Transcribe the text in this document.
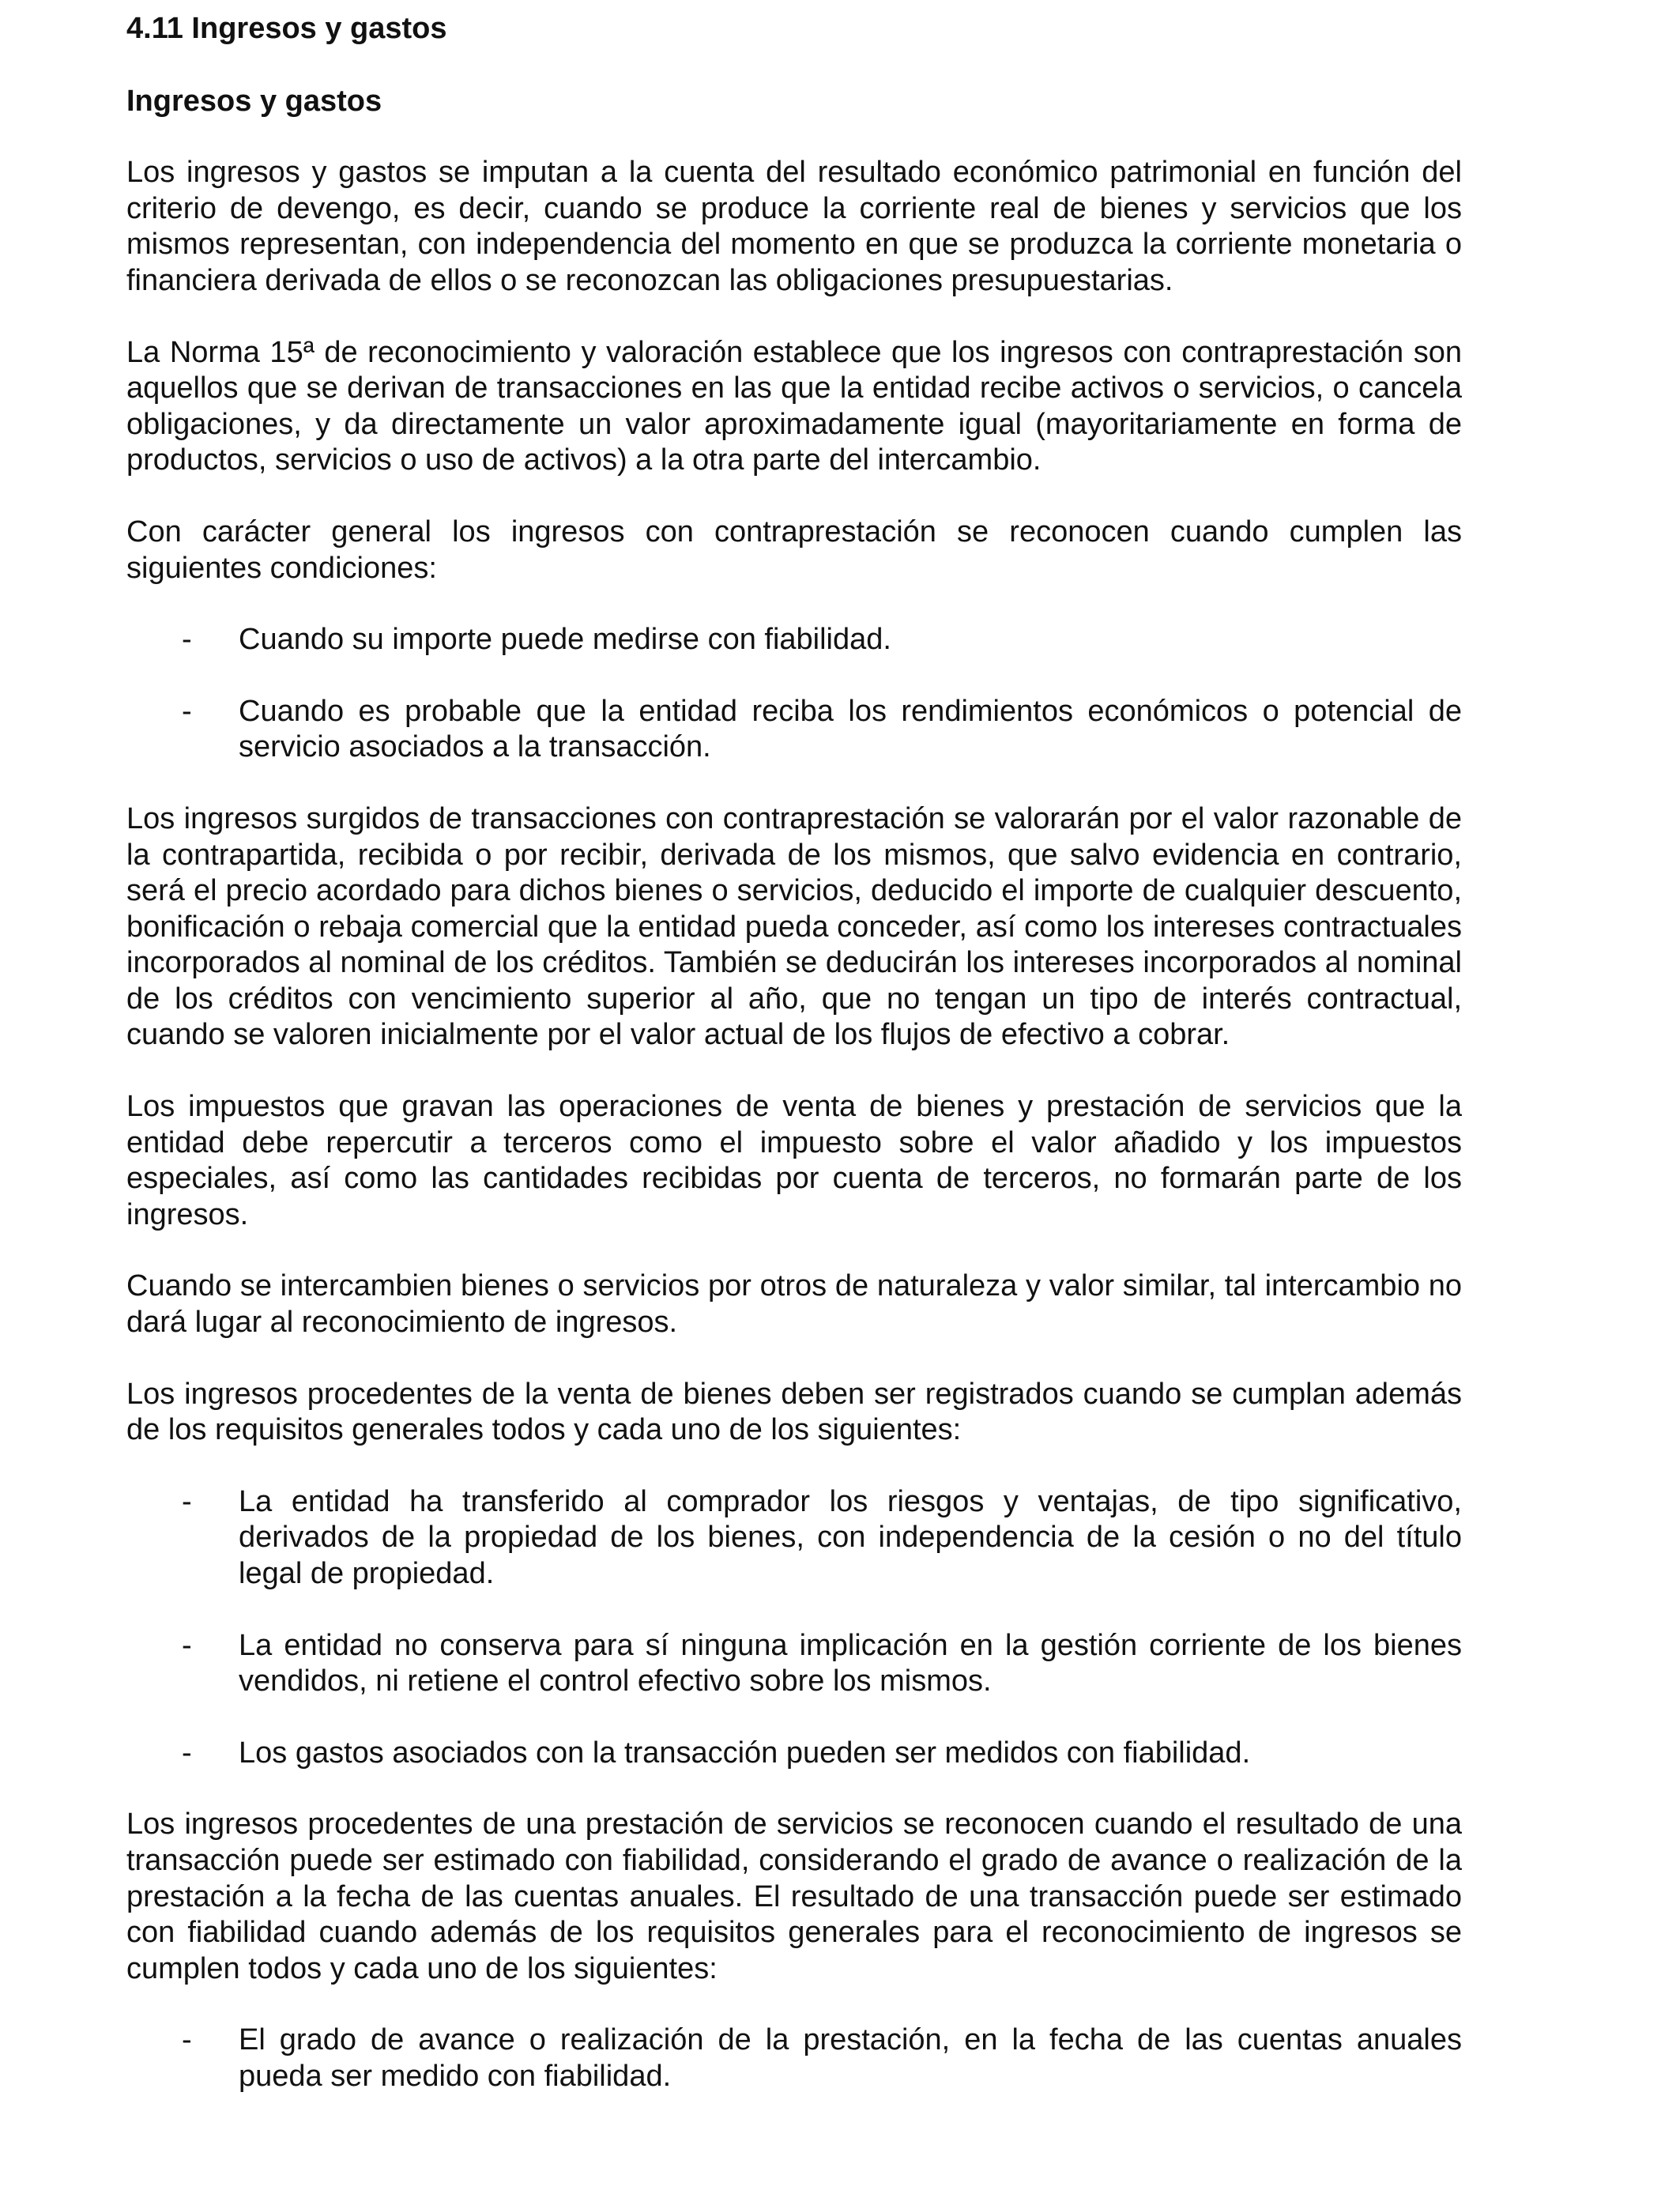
4.11 Ingresos y gastos
Ingresos y gastos

Los ingresos y gastos se imputan a la cuenta del resultado económico patrimonial en función del criterio de devengo, es decir, cuando se produce la corriente real de bienes y servicios que los mismos representan, con independencia del momento en que se produzca la corriente monetaria o financiera derivada de ellos o se reconozcan las obligaciones presupuestarias.

La Norma 15ª de reconocimiento y valoración establece que los ingresos con contraprestación son aquellos que se derivan de transacciones en las que la entidad recibe activos o servicios, o cancela obligaciones, y da directamente un valor aproximadamente igual (mayoritariamente en forma de productos, servicios o uso de activos) a la otra parte del intercambio.

Con carácter general los ingresos con contraprestación se reconocen cuando cumplen las siguientes condiciones:

- Cuando su importe puede medirse con fiabilidad.
- Cuando es probable que la entidad reciba los rendimientos económicos o potencial de servicio asociados a la transacción.

Los ingresos surgidos de transacciones con contraprestación se valorarán por el valor razonable de la contrapartida, recibida o por recibir, derivada de los mismos, que salvo evidencia en contrario, será el precio acordado para dichos bienes o servicios, deducido el importe de cualquier descuento, bonificación o rebaja comercial que la entidad pueda conceder, así como los intereses contractuales incorporados al nominal de los créditos. También se deducirán los intereses incorporados al nominal de los créditos con vencimiento superior al año, que no tengan un tipo de interés contractual, cuando se valoren inicialmente por el valor actual de los flujos de efectivo a cobrar.

Los impuestos que gravan las operaciones de venta de bienes y prestación de servicios que la entidad debe repercutir a terceros como el impuesto sobre el valor añadido y los impuestos especiales, así como las cantidades recibidas por cuenta de terceros, no formarán parte de los ingresos.

Cuando se intercambien bienes o servicios por otros de naturaleza y valor similar, tal intercambio no dará lugar al reconocimiento de ingresos.

Los ingresos procedentes de la venta de bienes deben ser registrados cuando se cumplan además de los requisitos generales todos y cada uno de los siguientes:

- La entidad ha transferido al comprador los riesgos y ventajas, de tipo significativo, derivados de la propiedad de los bienes, con independencia de la cesión o no del título legal de propiedad.
- La entidad no conserva para sí ninguna implicación en la gestión corriente de los bienes vendidos, ni retiene el control efectivo sobre los mismos.
- Los gastos asociados con la transacción pueden ser medidos con fiabilidad.

Los ingresos procedentes de una prestación de servicios se reconocen cuando el resultado de una transacción puede ser estimado con fiabilidad, considerando el grado de avance o realización de la prestación a la fecha de las cuentas anuales. El resultado de una transacción puede ser estimado con fiabilidad cuando además de los requisitos generales para el reconocimiento de ingresos se cumplen todos y cada uno de los siguientes:

- El grado de avance o realización de la prestación, en la fecha de las cuentas anuales pueda ser medido con fiabilidad.
